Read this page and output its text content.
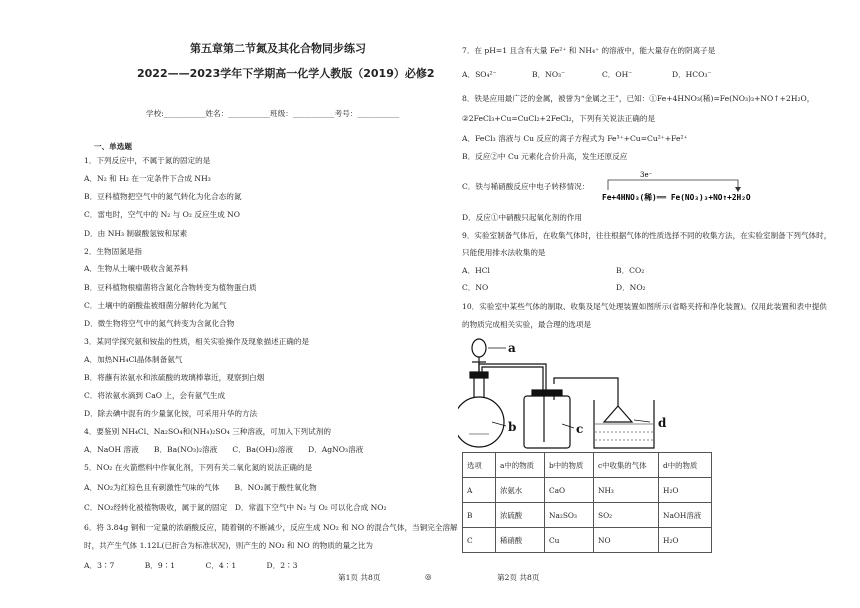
第五章第二节氮及其化合物同步练习
2022——2023学年下学期高一化学人教版（2019）必修2
学校:___________姓名：___________班级：___________考号：___________
一、单选题
1．下列反应中，不属于氮的固定的是
A．N₂ 和 H₂ 在一定条件下合成 NH₃
B．豆科植物把空气中的氮气转化为化合态的氮
C．雷电时，空气中的 N₂ 与 O₂ 反应生成 NO
D．由 NH₃ 制碳酸氢铵和尿素
2．生物固氮是指
A．生物从土壤中吸收含氮养料
B．豆科植物根瘤菌将含氮化合物转变为植物蛋白质
C．土壤中的硝酸盐被细菌分解转化为氮气
D．微生物将空气中的氮气转变为含氮化合物
3．某同学探究氨和铵盐的性质，相关实验操作及现象描述正确的是
A．加热NH₄Cl晶体制备氨气
B．将蘸有浓氨水和浓硫酸的玻璃棒靠近，观察到白烟
C．将浓氨水滴到 CaO 上，会有氨气生成
D．除去碘中混有的少量氯化铵，可采用升华的方法
4．要鉴别 NH₄Cl、Na₂SO₄和(NH₄)₂SO₄ 三种溶液，可加入下列试剂的
A．NaOH 溶液　　B．Ba(NO₃)₂溶液　　C．Ba(OH)₂溶液　　D．AgNO₃溶液
5．NO₂ 在火箭燃料中作氧化剂，下列有关二氧化氮的说法正确的是
A．NO₂为红棕色且有刺激性气味的气体　　B．NO₂属于酸性氧化物
C．NO₂经转化被植物吸收，属于氮的固定　D．常温下空气中 N₂ 与 O₂ 可以化合成 NO₂
6．将 3.84g 铜和一定量的浓硝酸反应，随着铜的不断减少，反应生成 NO₂ 和 NO 的混合气体，当铜完全溶解
时，共产生气体 1.12L(已折合为标准状况)，则产生的 NO₂ 和 NO 的物质的量之比为
A．3∶7　　　　B．9∶1　　　　C．4∶1　　　　D．2∶3
第1页 共8页	◎	第2页 共8页
7．在 pH=1 且含有大量 Fe²⁺ 和 NH₄⁺ 的溶液中，能大量存在的阴离子是
A．SO₄²⁻	B．NO₃⁻	C．OH⁻	D．HCO₃⁻
8．铁是应用最广泛的金属，被誉为“金属之王”，已知：①Fe+4HNO₃(稀)=Fe(NO₃)₃+NO↑+2H₂O，
②2FeCl₃+Cu=CuCl₂+2FeCl₂，下列有关说法正确的是
A．FeCl₃ 溶液与 Cu 反应的离子方程式为 Fe³⁺+Cu=Cu²⁺+Fe²⁺
B．反应②中 Cu 元素化合价升高，发生还原反应
C．铁与稀硝酸反应中电子转移情况：
3e⁻
Fe+4HNO₃(稀)══ Fe(NO₃)₃+NO↑+2H₂O
D．反应①中硝酸只起氧化剂的作用
9．实验室制备气体后，在收集气体时，往往根据气体的性质选择不同的收集方法，在实验室制备下列气体时，
只能使用排水法收集的是
A．HCl	B．CO₂
C．NO	D．NO₂
10．实验室中某些气体的制取、收集及尾气处理装置如图所示(省略夹持和净化装置)。仅用此装置和表中提供
的物质完成相关实验，最合理的选项是
a
b	c	d
选项	a中的物质	b中的物质	c中收集的气体	d中的物质
A	浓氨水	CaO	NH₃	H₂O
B	浓硫酸	Na₂SO₃	SO₂	NaOH溶液
C	稀硝酸	Cu	NO	H₂O
